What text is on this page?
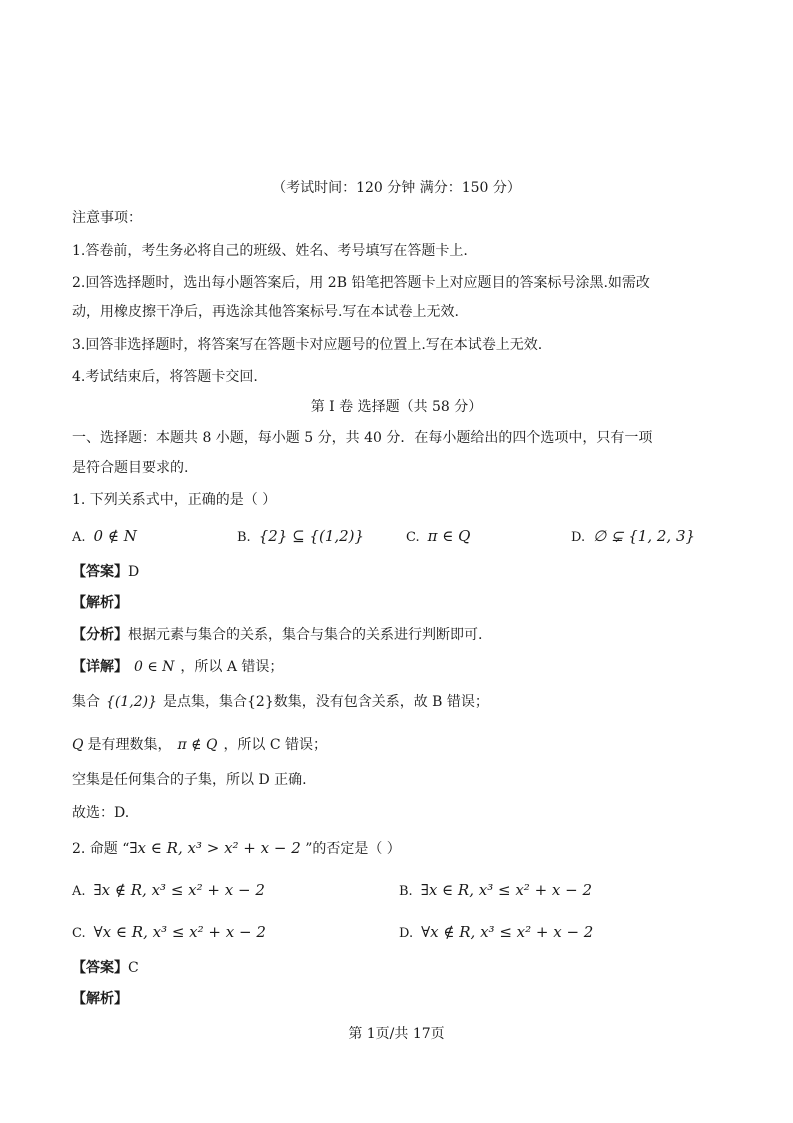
（考试时间：120 分钟 满分：150 分）
注意事项：
1.答卷前，考生务必将自己的班级、姓名、考号填写在答题卡上.
2.回答选择题时，选出每小题答案后，用 2B 铅笔把答题卡上对应题目的答案标号涂黑.如需改
动，用橡皮擦干净后，再选涂其他答案标号.写在本试卷上无效.
3.回答非选择题时，将答案写在答题卡对应题号的位置上.写在本试卷上无效.
4.考试结束后，将答题卡交回.
第 I 卷 选择题（共 58 分）
一、选择题：本题共 8 小题，每小题 5 分，共 40 分．在每小题给出的四个选项中，只有一项
是符合题目要求的.
1. 下列关系式中，正确的是（ ）
A. 0 ∉ N	B. {2} ⊆ {(1,2)}	C. π ∈ Q	D. ∅ ⊊ {1, 2, 3}
【答案】D
【解析】
【分析】根据元素与集合的关系，集合与集合的关系进行判断即可.
【详解】 0 ∈ N ，所以 A 错误；
集合 {(1,2)} 是点集，集合{2}数集，没有包含关系，故 B 错误；
Q 是有理数集， π ∉ Q ，所以 C 错误；
空集是任何集合的子集，所以 D 正确.
故选：D.
2. 命题 “∃x ∈ R, x³ > x² + x − 2 ”的否定是（ ）
A. ∃x ∉ R, x³ ≤ x² + x − 2	B. ∃x ∈ R, x³ ≤ x² + x − 2
C. ∀x ∈ R, x³ ≤ x² + x − 2	D. ∀x ∉ R, x³ ≤ x² + x − 2
【答案】C
【解析】
第 1页/共 17页
